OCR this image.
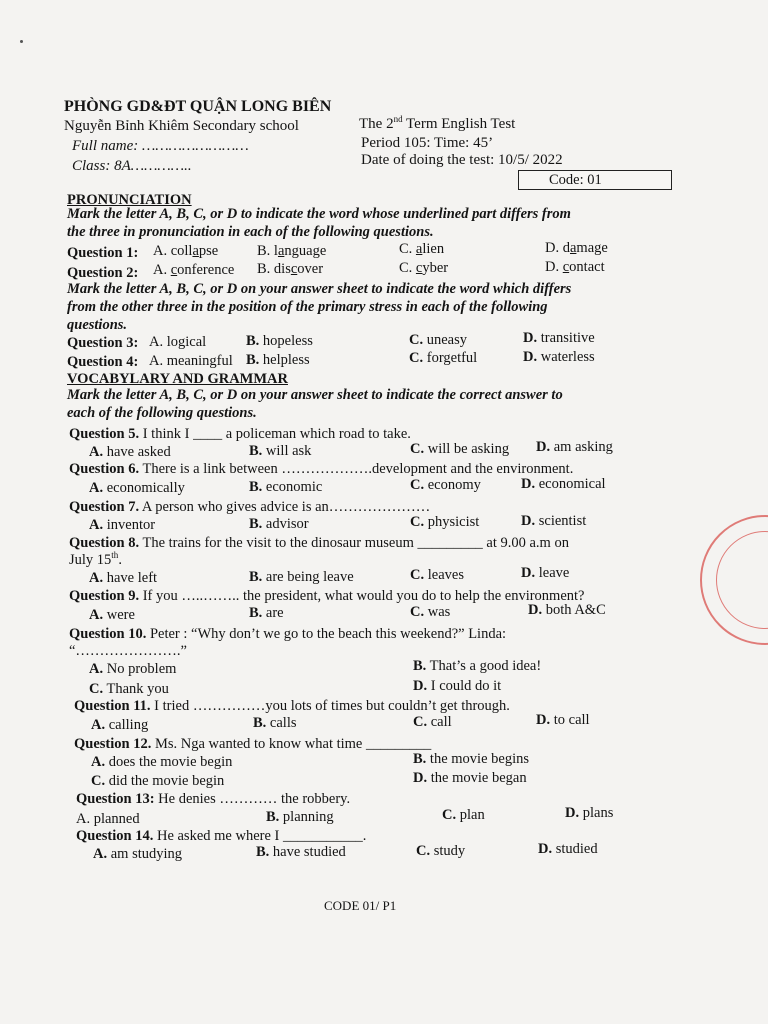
PHÒNG GD&ĐT QUẬN LONG BIÊN
Nguyễn Bỉnh Khiêm Secondary school
Full name: ……………………
Class: 8A…………..
The 2nd Term English Test
Period 105: Time: 45’
Date of doing the test: 10/5/ 2022
Code: 01
PRONUNCIATION
Mark the letter A, B, C, or D to indicate the word whose underlined part differs from
the three in pronunciation in each of the following questions.
Question 1: A. collapse	B. language	C. alien	D. damage
Question 2: A. conference B. discover	C. cyber	D. contact
Mark the letter A, B, C, or D on your answer sheet to indicate the word which differs
from the other three in the position of the primary stress in each of the following
questions.
Question 3: A. logical	B. hopeless	C. uneasy	D. transitive
Question 4: A. meaningful B. helpless	C. forgetful	D. waterless
VOCABYLARY AND GRAMMAR
Mark the letter A, B, C, or D on your answer sheet to indicate the correct answer to
each of the following questions.
Question 5. I think I ____ a policeman which road to take.
A. have asked	B. will ask	C. will be asking D. am asking
Question 6. There is a link between ……………….development and the environment.
A. economically	B. economic	C. economy	D. economical
Question 7. A person who gives advice is an…………………
A. inventor	B. advisor	C. physicist	D. scientist
Question 8. The trains for the visit to the dinosaur museum _________ at 9.00 a.m on
July 15th.
A. have left	B. are being leave	C. leaves	D. leave
Question 9. If you …..…….. the president, what would you do to help the environment?
A. were	B. are	C. was	D. both A&C
Question 10. Peter : “Why don’t we go to the beach this weekend?” Linda:
“………………….”
A. No problem	B. That’s a good idea!
C. Thank you	D. I could do it
Question 11. I tried ……………you lots of times but couldn’t get through.
A. calling	B. calls	C. call	D. to call
Question 12. Ms. Nga wanted to know what time _________
A. does the movie begin	B. the movie begins
C. did the movie begin	D. the movie began
Question 13: He denies ………… the robbery.
A. planned	B. planning	C. plan	D. plans
Question 14. He asked me where I ___________.
A. am studying	B. have studied	C. study	D. studied
CODE 01/ P1
